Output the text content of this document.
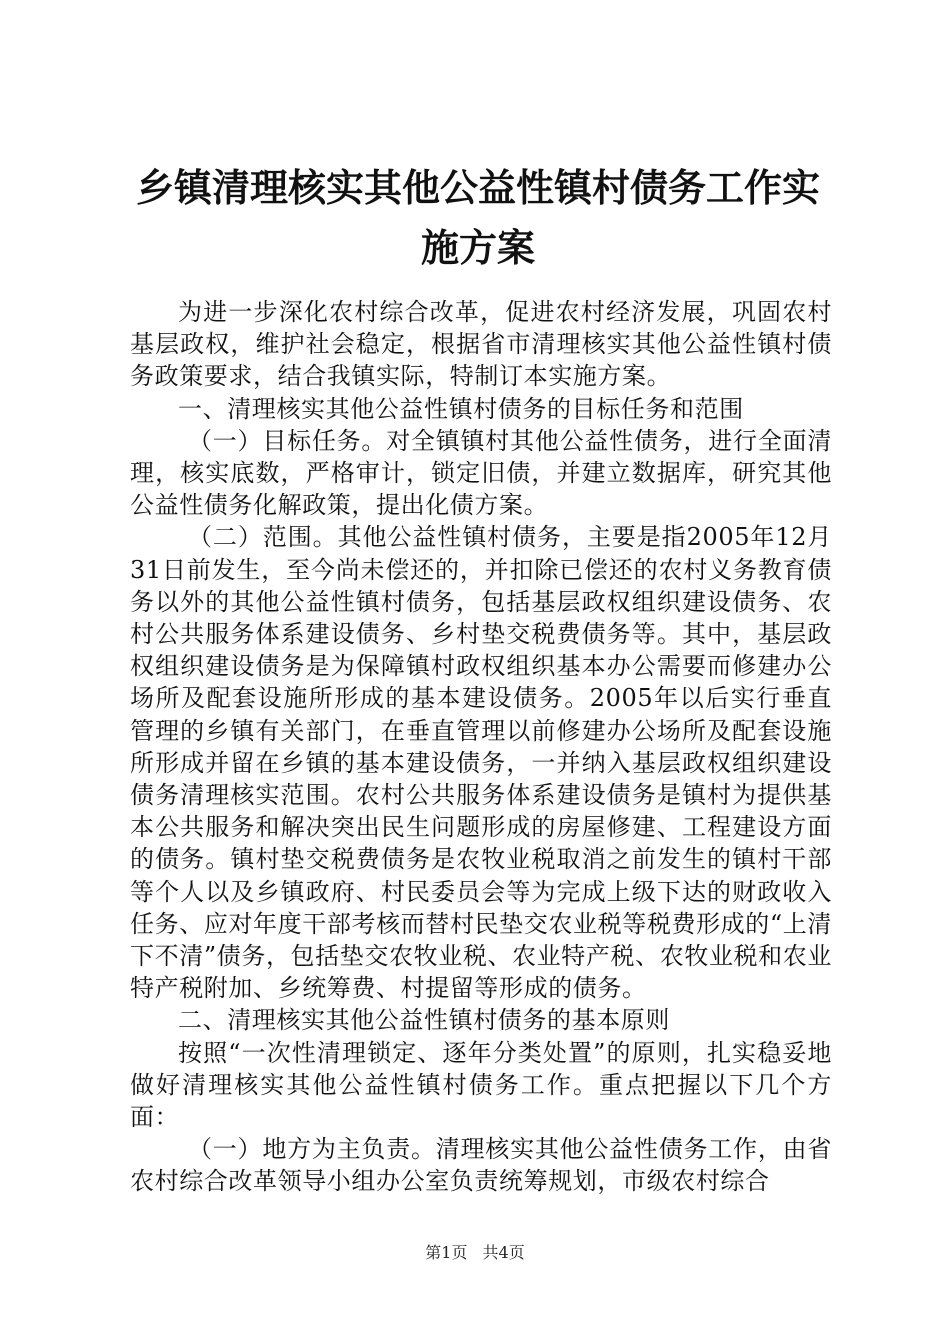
乡镇清理核实其他公益性镇村债务工作实施方案

为进一步深化农村综合改革，促进农村经济发展，巩固农村基层政权，维护社会稳定，根据省市清理核实其他公益性镇村债务政策要求，结合我镇实际，特制订本实施方案。

一、清理核实其他公益性镇村债务的目标任务和范围

（一）目标任务。对全镇镇村其他公益性债务，进行全面清理，核实底数，严格审计，锁定旧债，并建立数据库，研究其他公益性债务化解政策，提出化债方案。

（二）范围。其他公益性镇村债务，主要是指2005年12月31日前发生，至今尚未偿还的，并扣除已偿还的农村义务教育债务以外的其他公益性镇村债务，包括基层政权组织建设债务、农村公共服务体系建设债务、乡村垫交税费债务等。其中，基层政权组织建设债务是为保障镇村政权组织基本办公需要而修建办公场所及配套设施所形成的基本建设债务。2005年以后实行垂直管理的乡镇有关部门，在垂直管理以前修建办公场所及配套设施所形成并留在乡镇的基本建设债务，一并纳入基层政权组织建设债务清理核实范围。农村公共服务体系建设债务是镇村为提供基本公共服务和解决突出民生问题形成的房屋修建、工程建设方面的债务。镇村垫交税费债务是农牧业税取消之前发生的镇村干部等个人以及乡镇政府、村民委员会等为完成上级下达的财政收入任务、应对年度干部考核而替村民垫交农业税等税费形成的“上清下不清”债务，包括垫交农牧业税、农业特产税、农牧业税和农业特产税附加、乡统筹费、村提留等形成的债务。

二、清理核实其他公益性镇村债务的基本原则

按照“一次性清理锁定、逐年分类处置”的原则，扎实稳妥地做好清理核实其他公益性镇村债务工作。重点把握以下几个方面：

（一）地方为主负责。清理核实其他公益性债务工作，由省农村综合改革领导小组办公室负责统筹规划，市级农村综合

第1页 共4页
